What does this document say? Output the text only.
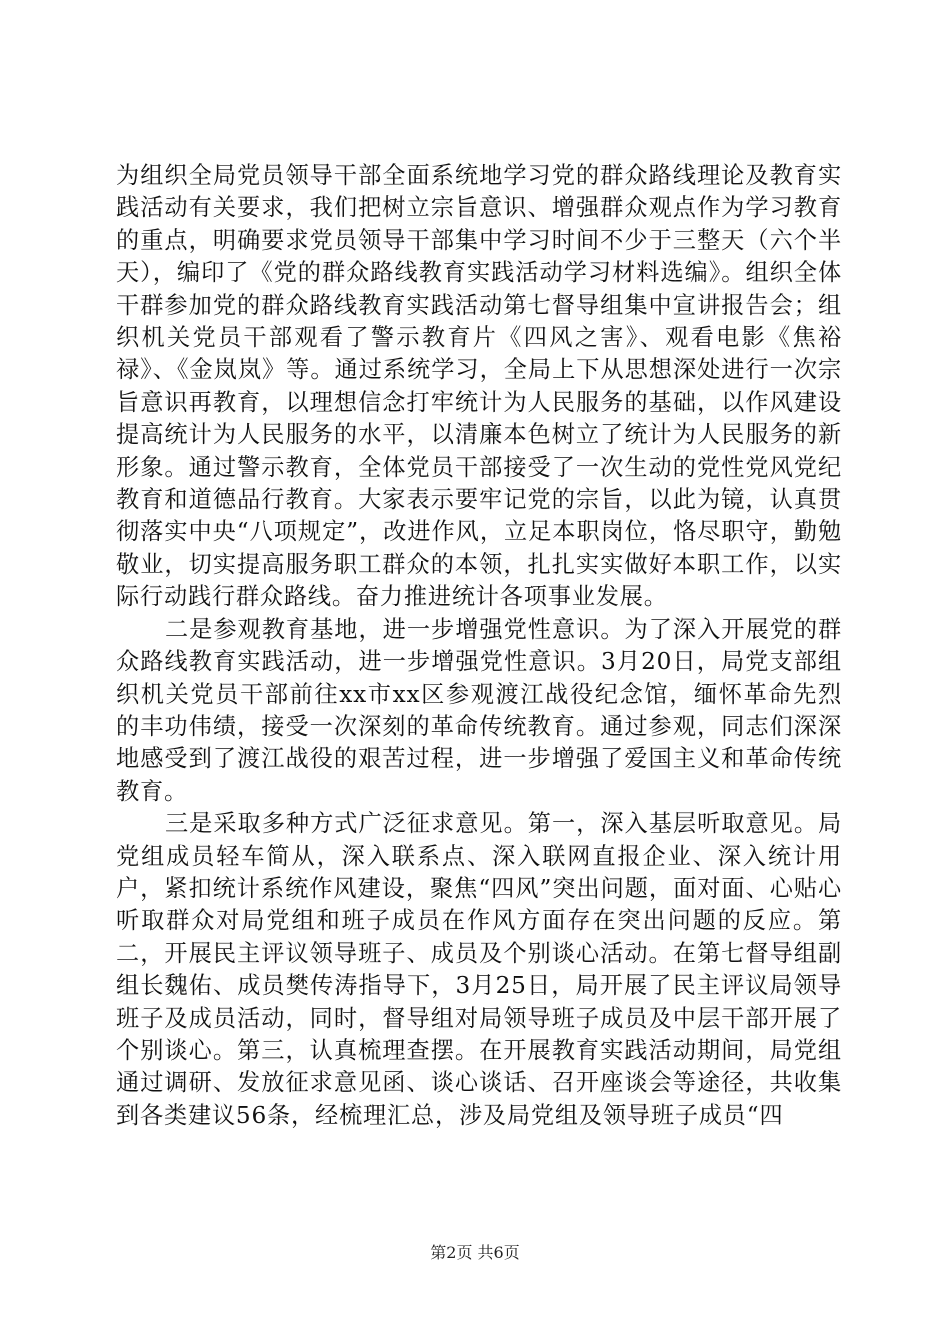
为组织全局党员领导干部全面系统地学习党的群众路线理论及教育实践活动有关要求，我们把树立宗旨意识、增强群众观点作为学习教育的重点，明确要求党员领导干部集中学习时间不少于三整天（六个半天），编印了《党的群众路线教育实践活动学习材料选编》。组织全体干群参加党的群众路线教育实践活动第七督导组集中宣讲报告会；组织机关党员干部观看了警示教育片《四风之害》、观看电影《焦裕禄》、《金岚岚》等。通过系统学习，全局上下从思想深处进行一次宗旨意识再教育，以理想信念打牢统计为人民服务的基础，以作风建设提高统计为人民服务的水平，以清廉本色树立了统计为人民服务的新形象。通过警示教育，全体党员干部接受了一次生动的党性党风党纪教育和道德品行教育。大家表示要牢记党的宗旨，以此为镜，认真贯彻落实中央“八项规定”，改进作风，立足本职岗位，恪尽职守，勤勉敬业，切实提高服务职工群众的本领，扎扎实实做好本职工作，以实际行动践行群众路线。奋力推进统计各项事业发展。

二是参观教育基地，进一步增强党性意识。为了深入开展党的群众路线教育实践活动，进一步增强党性意识。3月20日，局党支部组织机关党员干部前往xx市xx区参观渡江战役纪念馆，缅怀革命先烈的丰功伟绩，接受一次深刻的革命传统教育。通过参观，同志们深深地感受到了渡江战役的艰苦过程，进一步增强了爱国主义和革命传统教育。

三是采取多种方式广泛征求意见。第一，深入基层听取意见。局党组成员轻车简从，深入联系点、深入联网直报企业、深入统计用户，紧扣统计系统作风建设，聚焦“四风”突出问题，面对面、心贴心听取群众对局党组和班子成员在作风方面存在突出问题的反应。第二，开展民主评议领导班子、成员及个别谈心活动。在第七督导组副组长魏佑、成员樊传涛指导下，3月25日，局开展了民主评议局领导班子及成员活动，同时，督导组对局领导班子成员及中层干部开展了个别谈心。第三，认真梳理查摆。在开展教育实践活动期间，局党组通过调研、发放征求意见函、谈心谈话、召开座谈会等途径，共收集到各类建议56条，经梳理汇总，涉及局党组及领导班子成员“四

第2页 共6页
